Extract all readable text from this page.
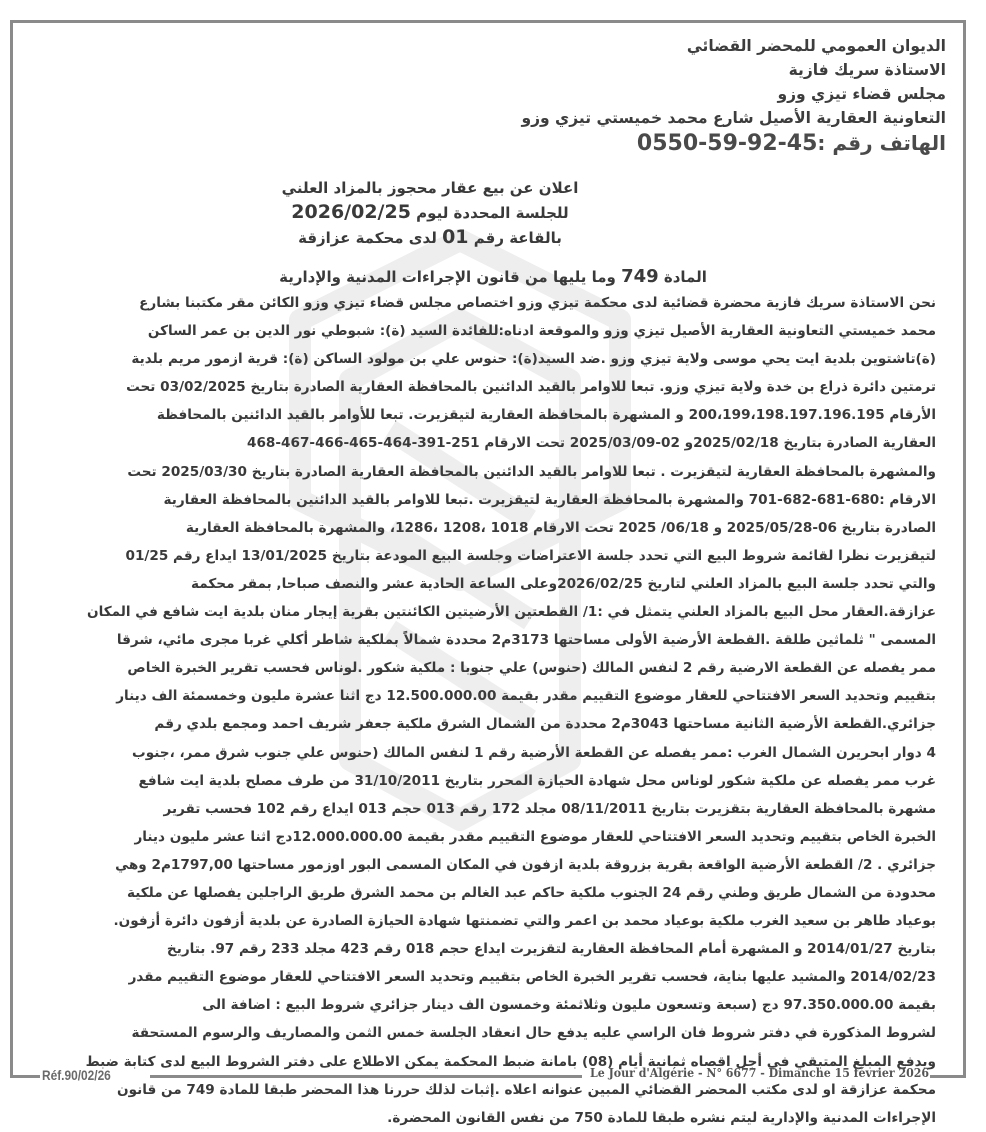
الديوان العمومي للمحضر القضائي
الاستاذة سريك فازية
مجلس قضاء تيزي وزو
التعاونية العقارية الأصيل شارع محمد خميستي تيزي وزو
الهاتف رقم :0550-59-92-45
اعلان عن بيع عقار محجوز بالمزاد العلني
للجلسة المحددة ليوم 2026/02/25
بالقاعة رقم 01 لدى محكمة عزازقة
المادة 749 وما يليها من قانون الإجراءات المدنية والإدارية
نحن الاستاذة سريك فازية محضرة قضائية لدى محكمة تيزي وزو اختصاص مجلس قضاء تيزي وزو الكائن مقر مكتبنا بشارع
محمد خميستي التعاونية العقارية الأصيل تيزي وزو والموقعة ادناه:للفائدة السيد (ة): شبوطي نور الدين بن عمر الساكن
(ة)تاشتوين بلدية ايت يحي موسى ولاية تيزي وزو .ضد السيد(ة): حنوس علي بن مولود الساكن (ة): قرية ازمور مريم بلدية
ترمتين دائرة ذراع بن خدة ولاية تيزي وزو. تبعا للاوامر بالقيد الدائنين بالمحافظة العقارية الصادرة بتاريخ 03/02/2025 تحت
الأرقام 200،199،198.197.196.195 و المشهرة بالمحافظة العقارية لتيقزيرت. تبعا للأوامر بالقيد الدائنين بالمحافظة
العقارية الصادرة بتاريخ 2025/02/18و 02-2025/03/09 تحت الارقام 251-391-464-465-466-467-468
والمشهرة بالمحافظة العقارية لتيقزيرت . تبعا للاوامر بالقيد الدائنين بالمحافظة العقارية الصادرة بتاريخ 2025/03/30 تحت
الارقام :680-681-682-701 والمشهرة بالمحافظة العقارية لتيقزيرت .تبعا للاوامر بالقيد الدائنين بالمحافظة العقارية
الصادرة بتاريخ 06-2025/05/28 و 06/18/ 2025 تحت الارقام 1018 ،1208 ،1286، والمشهرة بالمحافظة العقارية
لتيقزيرت نظرا لقائمة شروط البيع التي تحدد جلسة الاعتراضات وجلسة البيع المودعة بتاريخ 13/01/2025 ايداع رقم 01/25
والتي تحدد جلسة البيع بالمزاد العلني لتاريخ 2026/02/25وعلى الساعة الحادية عشر والنصف صباحا, بمقر محكمة
عزازقة.العقار محل البيع بالمزاد العلني يتمثل في :1/ القطعتين الأرضيتين الكائنتين بقرية إيجار منان بلدية ايت شافع في المكان
المسمى " ثلماثين طلقة .القطعة الأرضية الأولى مساحتها 3173م2 محددة شمالاً بملكية شاطر أكلي غربا مجرى مائي، شرقا
ممر يفصله عن القطعة الارضية رقم 2 لنفس المالك (حنوس) علي جنوبا : ملكية شكور .لوناس فحسب تقرير الخبرة الخاص
بتقييم وتحديد السعر الافتتاحي للعقار موضوع التقييم مقدر بقيمة 12.500.000.00 دج اثنا عشرة مليون وخمسمئة الف دينار
جزائري.القطعة الأرضية الثانية مساحتها 3043م2 محددة من الشمال الشرق ملكية جعفر شريف احمد ومجمع بلدي رقم
4 دوار ابحريرن الشمال الغرب :ممر يفصله عن القطعة الأرضية رقم 1 لنفس المالك (حنوس علي جنوب شرق ممر، ،جنوب
غرب ممر يفصله عن ملكية شكور لوناس محل شهادة الحيازة المحرر بتاريخ 31/10/2011 من طرف مصلح بلدية ايت شافع
مشهرة بالمحافظة العقارية بتقزيرت بتاريخ 08/11/2011 مجلد 172 رقم 013 حجم 013 ايداع رقم 102 فحسب تقرير
الخبرة الخاص بتقييم وتحديد السعر الافتتاحي للعقار موضوع التقييم مقدر بقيمة 12.000.000.00دج اثنا عشر مليون دينار
جزائري . 2/ القطعة الأرضية الواقعة بقرية بزروقة بلدية ازفون في المكان المسمى البور اوزمور مساحتها 1797,00م2 وهي
محدودة من الشمال طريق وطني رقم 24 الجنوب ملكية حاكم عبد الغالم بن محمد الشرق طريق الراجلين يفصلها عن ملكية
بوعياد طاهر بن سعيد الغرب ملكية بوعياد محمد بن اعمر والتي تضمنتها شهادة الحيازة الصادرة عن بلدية أزفون دائرة أزفون.
بتاريخ 2014/01/27 و المشهرة أمام المحافظة العقارية لتقزيرت ايداع حجم 018 رقم 423 مجلد 233 رقم 97. بتاريخ
2014/02/23 والمشيد عليها بناية، فحسب تقرير الخبرة الخاص بتقييم وتحديد السعر الافتتاحي للعقار موضوع التقييم مقدر
بقيمة 97.350.000.00 دج (سبعة وتسعون مليون وثلاثمئة وخمسون الف دينار جزائري شروط البيع : اضافة الى
لشروط المذكورة في دفتر شروط فان الراسي عليه يدفع حال انعقاد الجلسة خمس الثمن والمصاريف والرسوم المستحقة
ويدفع المبلغ المتبقي في أجل اقصاه ثمانية أيام (08) بامانة ضبط المحكمة يمكن الاطلاع على دفتر الشروط البيع لدى كتابة ضبط
محكمة عزازقة او لدى مكتب المحضر القضائي المبين عنوانه اعلاه .إثبات لذلك حررنا هذا المحضر طبقا للمادة 749 من قانون
الإجراءات المدنية والإدارية ليتم نشره طبقا للمادة 750 من نفس القانون المحضرة.
Réf.90/02/26	Le Jour d'Algérie - N° 6677 - Dimanche 15 février 2026
